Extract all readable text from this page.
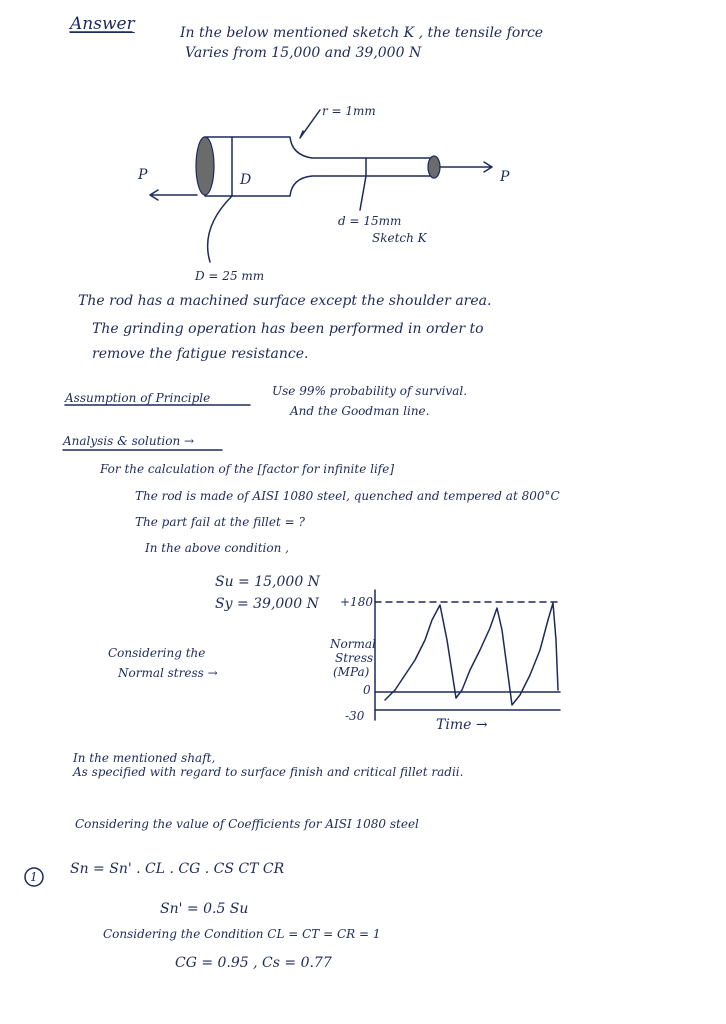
Answer	In the below mentioned sketch K , the tensile force
Varies from 15,000 and 39,000 N
r = 1mm
P	D	P
d = 15mm
Sketch K
D = 25 mm
The rod has a machined surface except the shoulder area.
The grinding operation has been performed in order to
remove the fatigue resistance.
Assumption of Principle	Use 99% probability of survival.
And the Goodman line.
Analysis & solution →
For the calculation of the [factor for infinite life]
The rod is made of AISI 1080 steel, quenched and tempered at 800°C
The part fail at the fillet = ?
In the above condition ,
Su = 15,000 N
Sy = 39,000 N
Considering the
Normal stress →
+180
Normal
Stress
(MPa)
0
-30
Time →
In the mentioned shaft,
As specified with regard to surface finish and critical fillet radii.
Considering the value of Coefficients for AISI 1080 steel
1 Sn = Sn' . CL . CG . CS CT CR
Sn' = 0.5 Su
Considering the Condition CL = CT = CR = 1
CG = 0.95 , Cs = 0.77
